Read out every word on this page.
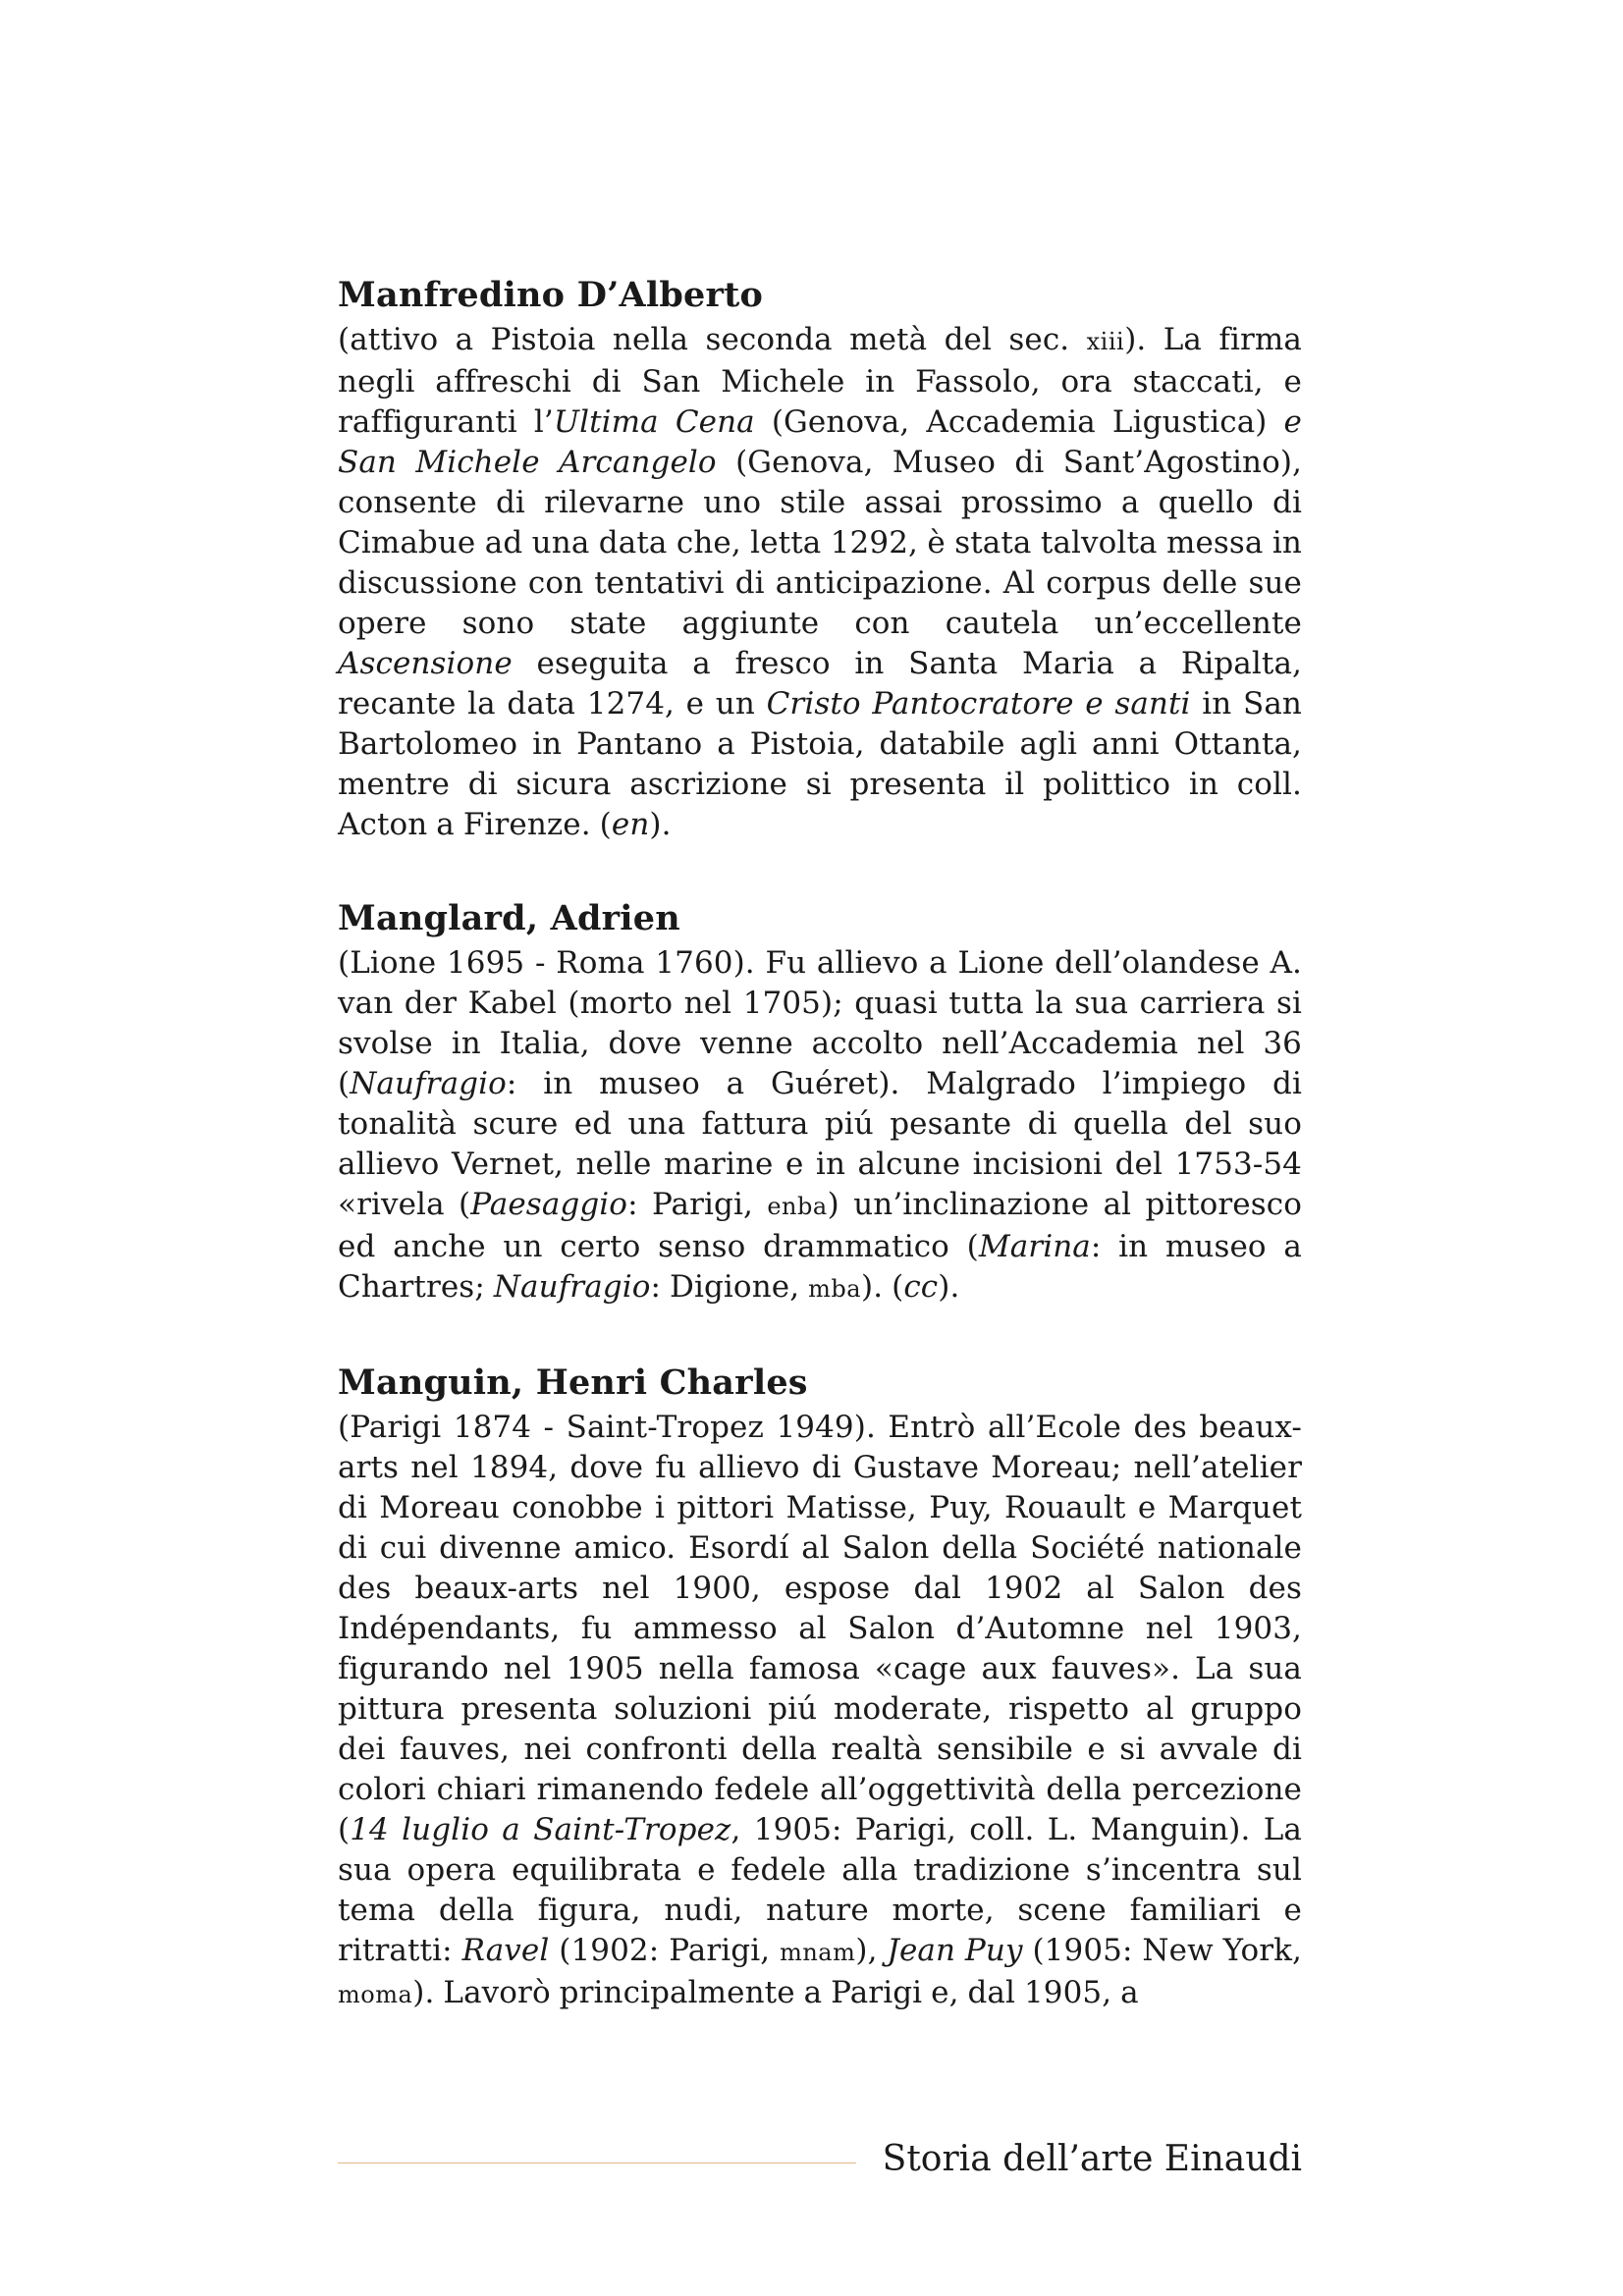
Manfredino D’Alberto

(attivo a Pistoia nella seconda metà del sec. xiii). La firma negli affreschi di San Michele in Fassolo, ora staccati, e raffiguranti l’Ultima Cena (Genova, Accademia Ligustica) e San Michele Arcangelo (Genova, Museo di Sant’Agostino), consente di rilevarne uno stile assai prossimo a quello di Cimabue ad una data che, letta 1292, è stata talvolta messa in discussione con tentativi di anticipazione. Al corpus delle sue opere sono state aggiunte con cautela un’eccellente Ascensione eseguita a fresco in Santa Maria a Ripalta, recante la data 1274, e un Cristo Pantocratore e santi in San Bartolomeo in Pantano a Pistoia, databile agli anni Ottanta, mentre di sicura ascrizione si presenta il polittico in coll. Acton a Firenze. (en).

Manglard, Adrien

(Lione 1695 - Roma 1760). Fu allievo a Lione dell’olandese A. van der Kabel (morto nel 1705); quasi tutta la sua carriera si svolse in Italia, dove venne accolto nell’Accademia nel 36 (Naufragio: in museo a Guéret). Malgrado l’impiego di tonalità scure ed una fattura piú pesante di quella del suo allievo Vernet, nelle marine e in alcune incisioni del 1753-54 «rivela (Paesaggio: Parigi, enba) un’inclinazione al pittoresco ed anche un certo senso drammatico (Marina: in museo a Chartres; Naufragio: Digione, mba). (cc).

Manguin, Henri Charles

(Parigi 1874 - Saint-Tropez 1949). Entrò all’Ecole des beaux-arts nel 1894, dove fu allievo di Gustave Moreau; nell’atelier di Moreau conobbe i pittori Matisse, Puy, Rouault e Marquet di cui divenne amico. Esordí al Salon della Société nationale des beaux-arts nel 1900, espose dal 1902 al Salon des Indépendants, fu ammesso al Salon d’Automne nel 1903, figurando nel 1905 nella famosa «cage aux fauves». La sua pittura presenta soluzioni piú moderate, rispetto al gruppo dei fauves, nei confronti della realtà sensibile e si avvale di colori chiari rimanendo fedele all’oggettività della percezione (14 luglio a Saint-Tropez, 1905: Parigi, coll. L. Manguin). La sua opera equilibrata e fedele alla tradizione s’incentra sul tema della figura, nudi, nature morte, scene familiari e ritratti: Ravel (1902: Parigi, mnam), Jean Puy (1905: New York, moma). Lavorò principalmente a Parigi e, dal 1905, a

Storia dell’arte Einaudi
